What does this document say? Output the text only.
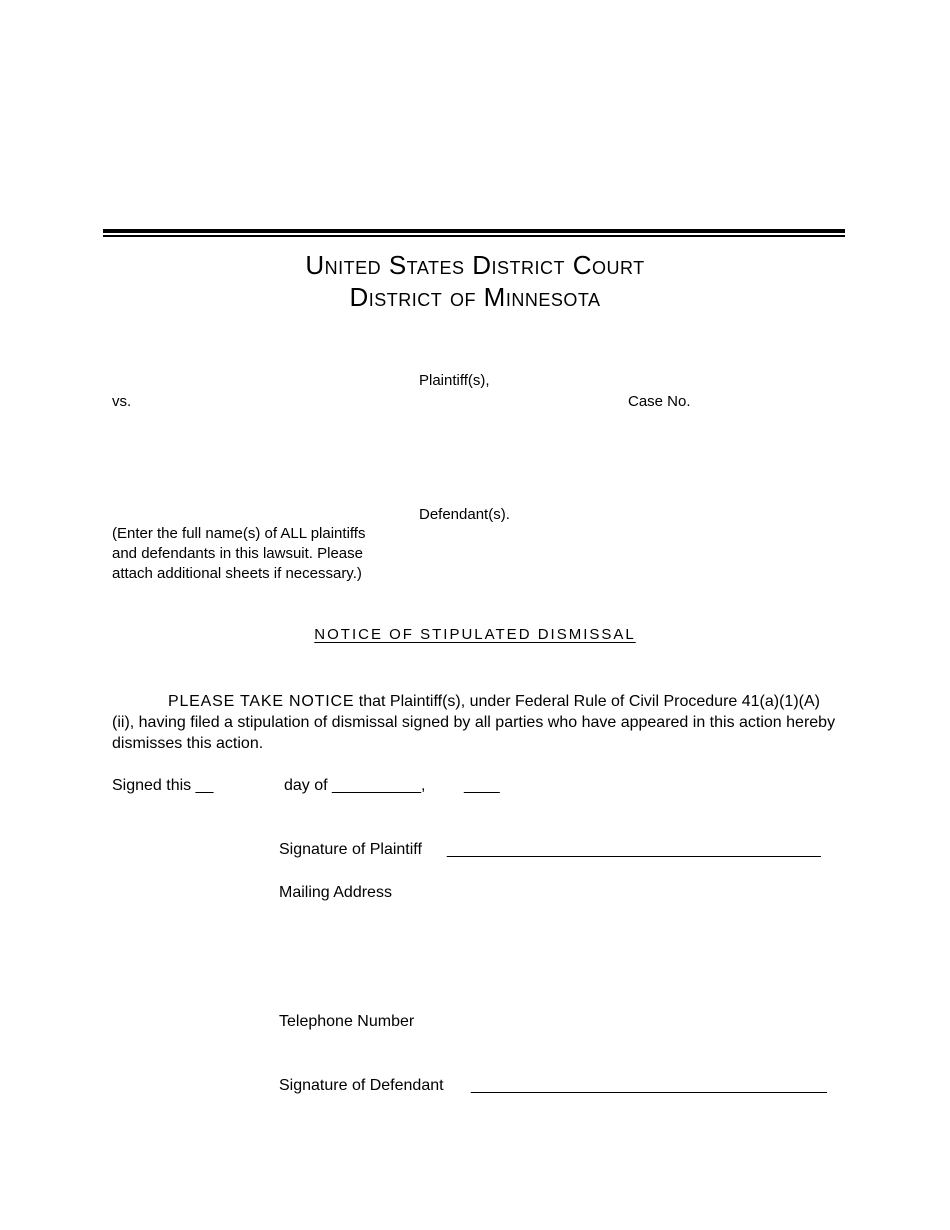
United States District Court
District of Minnesota
Plaintiff(s),
vs.	Case No.
Defendant(s).
(Enter the full name(s) of ALL plaintiffs
and defendants in this lawsuit. Please
attach additional sheets if necessary.)
NOTICE OF STIPULATED DISMISSAL
PLEASE TAKE NOTICE that Plaintiff(s), under Federal Rule of Civil Procedure 41(a)(1)(A)(ii), having filed a stipulation of dismissal signed by all parties who have appeared in this action hereby dismisses this action.
Signed this __	day of __________, ____
Signature of Plaintiff __________________________________________
Mailing Address
Telephone Number
Signature of Defendant ________________________________________
